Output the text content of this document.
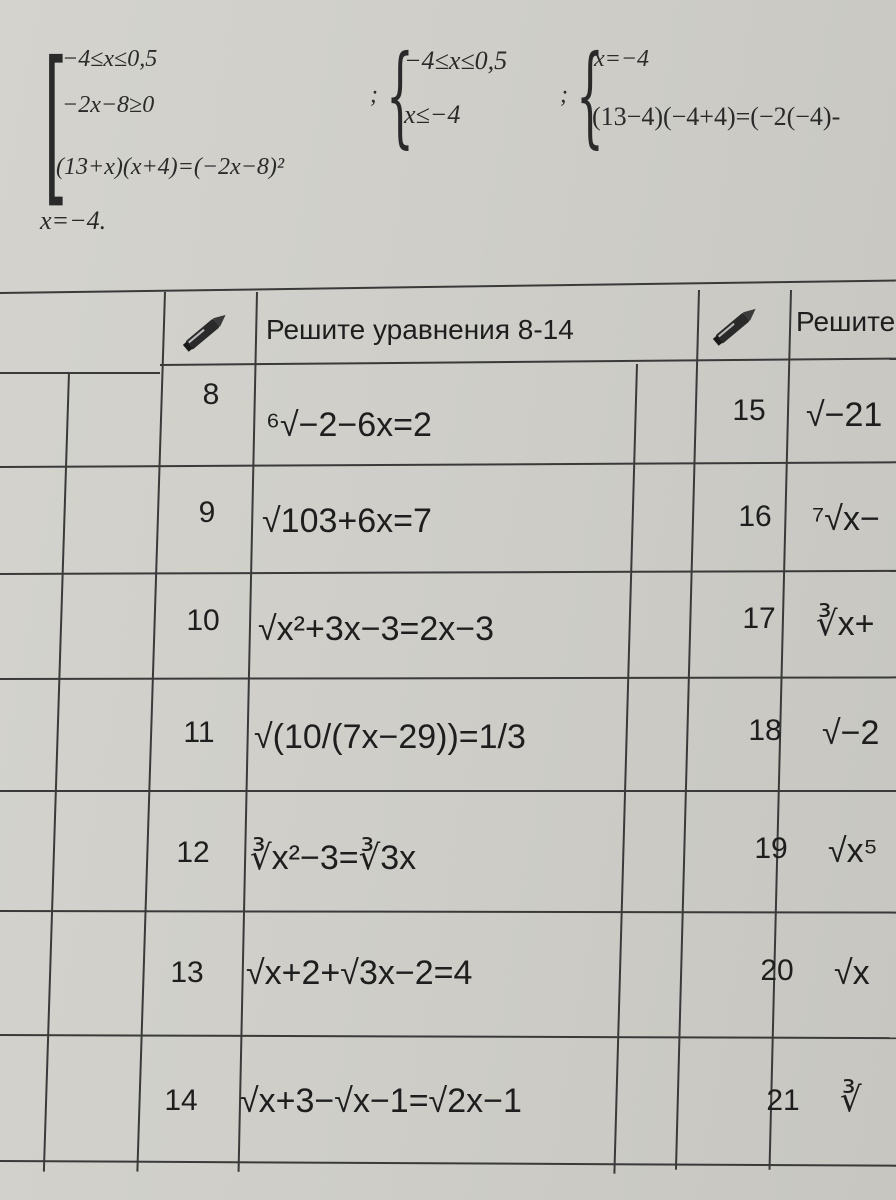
[
−4≤x≤0,5
−2x−8≥0
(13+x)(x+4)=(−2x−8)²
; {
−4≤x≤0,5
x≤−4
; {
x=−4
(13−4)(−4+4)=(−2(−4)-
x=−4.
Решите уравнения 8-14	Решите
8
9
10
11
12
13
14
⁶√−2−6x=2
√103+6x=7
√x²+3x−3=2x−3
√(10/(7x−29))=1/3
∛x²−3=∛3x
√x+2+√3x−2=4
√x+3−√x−1=√2x−1
15
16
17
18
19
20
21
√−21
⁷√x−
∛x+
√−2
√x⁵
√x
∛
